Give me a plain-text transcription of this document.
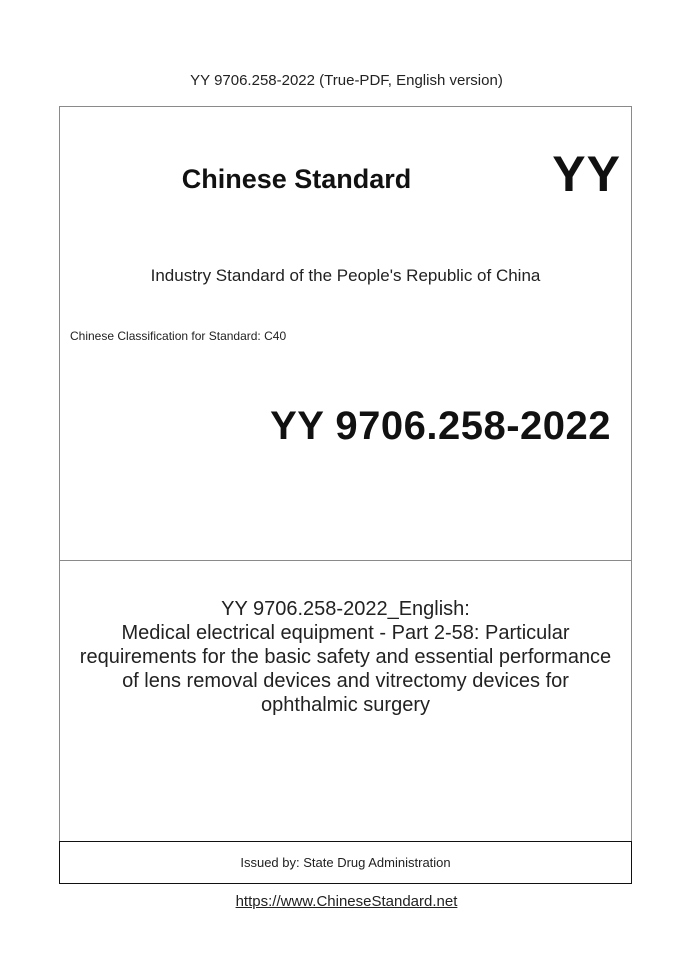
YY 9706.258-2022 (True-PDF, English version)
Chinese Standard	YY
Industry Standard of the People's Republic of China
Chinese Classification for Standard: C40
YY 9706.258-2022
YY 9706.258-2022_English:
Medical electrical equipment - Part 2-58: Particular
requirements for the basic safety and essential performance
of lens removal devices and vitrectomy devices for
ophthalmic surgery
Issued by: State Drug Administration
https://www.ChineseStandard.net
